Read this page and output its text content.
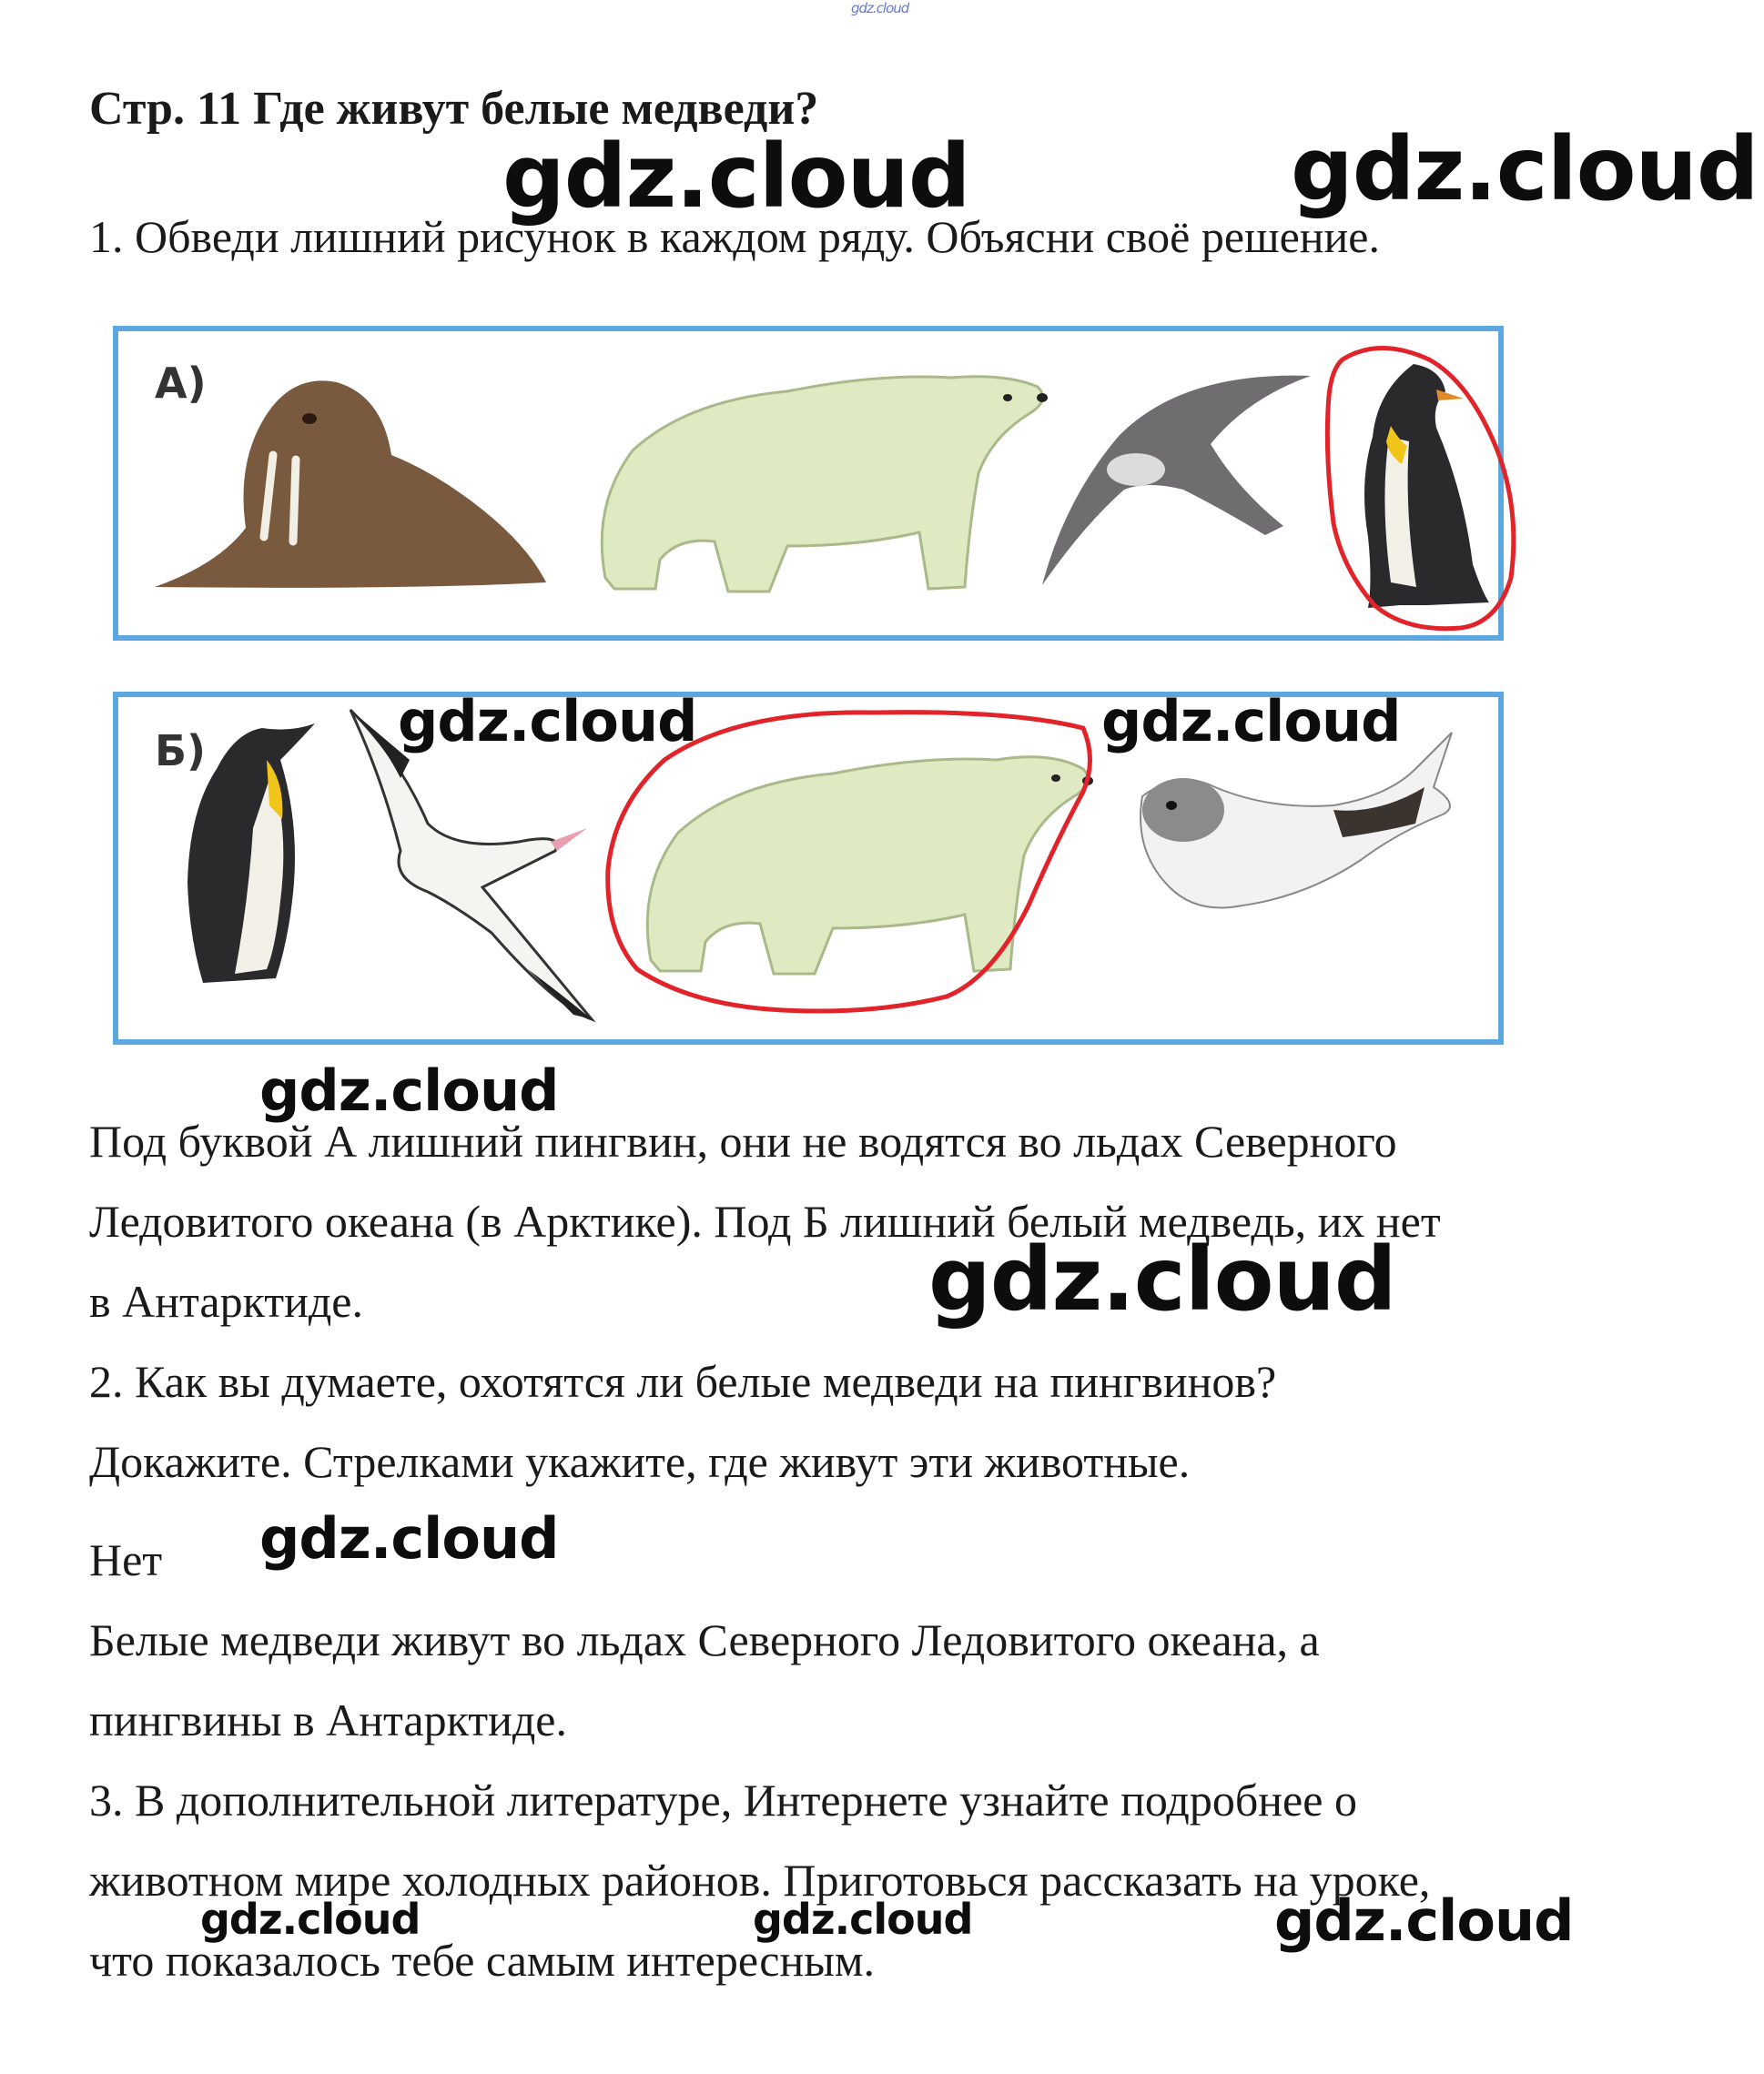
gdz.cloud
Стр. 11 Где живут белые медведи?
gdz.cloud	gdz.cloud
1. Обведи лишний рисунок в каждом ряду. Объясни своё решение.
А)
Б)	gdz.cloud	gdz.cloud
gdz.cloud
Под буквой А лишний пингвин, они не водятся во льдах Северного
Ледовитого океана (в Арктике). Под Б лишний белый медведь, их нет
в Антарктиде.	gdz.cloud
2. Как вы думаете, охотятся ли белые медведи на пингвинов?
Докажите. Стрелками укажите, где живут эти животные.
Нет gdz.cloud
Белые медведи живут во льдах Северного Ледовитого океана, а
пингвины в Антарктиде.
3. В дополнительной литературе, Интернете узнайте подробнее о
животном мире холодных районов. Приготовься рассказать на уроке,
что показалось тебе самым интересным.
gdz.cloud	gdz.cloud	gdz.cloud
